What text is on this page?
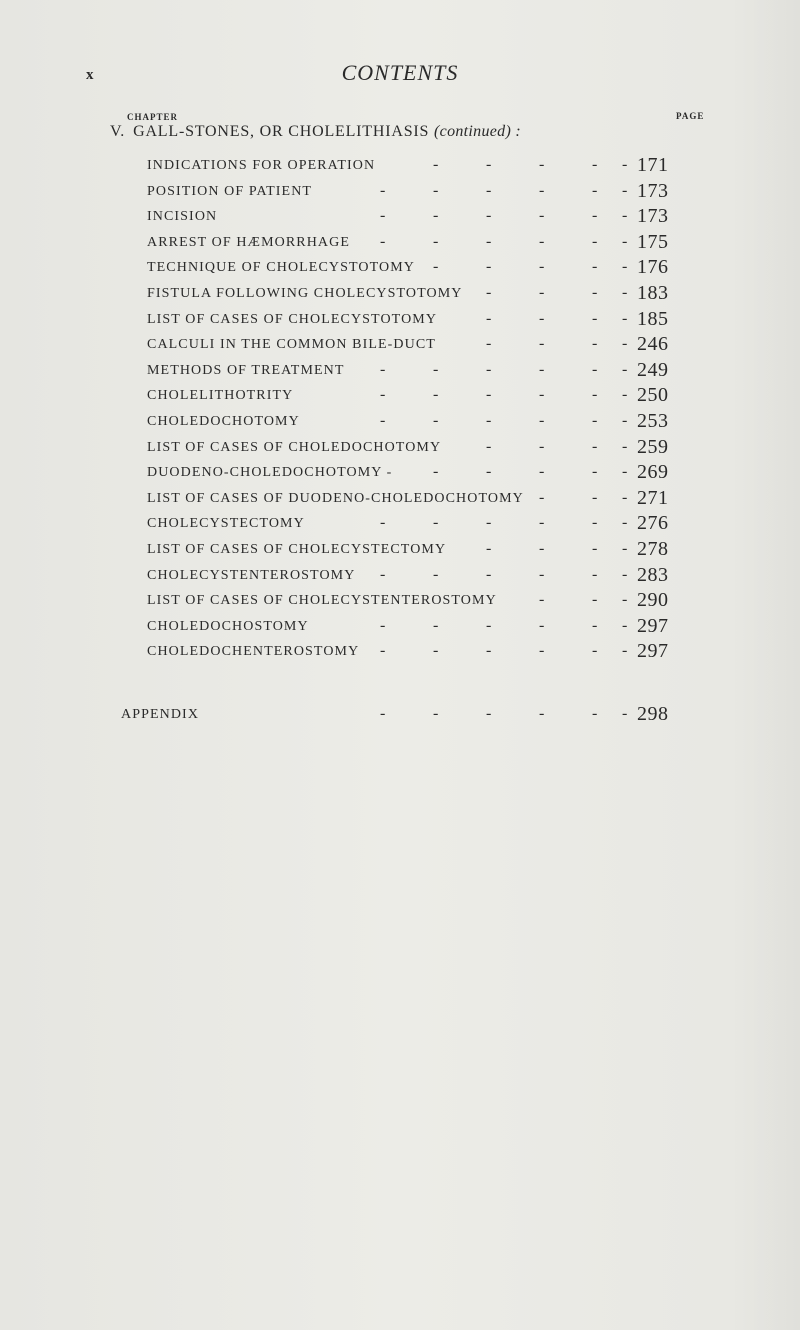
x	CONTENTS
CHAPTER	PAGE
V. GALL-STONES, OR CHOLELITHIASIS (continued) :
INDICATIONS FOR OPERATION	171
-	-	-	- -
POSITION OF PATIENT	173
-	-	-	-	- -
INCISION	173
-	-	-	-	- -
ARREST OF HÆMORRHAGE	175
-	-	-	-	- -
TECHNIQUE OF CHOLECYSTOTOMY	176
-	-	-	- -
FISTULA FOLLOWING CHOLECYSTOTOMY	183
-	-	- -
LIST OF CASES OF CHOLECYSTOTOMY	185
-	-	- -
CALCULI IN THE COMMON BILE-DUCT	246
-	-	- -
METHODS OF TREATMENT	249
-	-	-	-	- -
CHOLELITHOTRITY	250
-	-	-	-	- -
CHOLEDOCHOTOMY	253
-	-	-	-	- -
LIST OF CASES OF CHOLEDOCHOTOMY	259
-	-	- -
DUODENO-CHOLEDOCHOTOMY -	269
-	-	-	- -
LIST OF CASES OF DUODENO-CHOLEDOCHOTOMY	271
-	- -
CHOLECYSTECTOMY	276
-	-	-	-	- -
LIST OF CASES OF CHOLECYSTECTOMY	278
-	-	- -
CHOLECYSTENTEROSTOMY	283
-	-	-	-	- -
LIST OF CASES OF CHOLECYSTENTEROSTOMY	290
-	- -
CHOLEDOCHOSTOMY	297
-	-	-	-	- -
CHOLEDOCHENTEROSTOMY	297
-	-	-	-	- -
APPENDIX	298
-	-	-	-	- -
